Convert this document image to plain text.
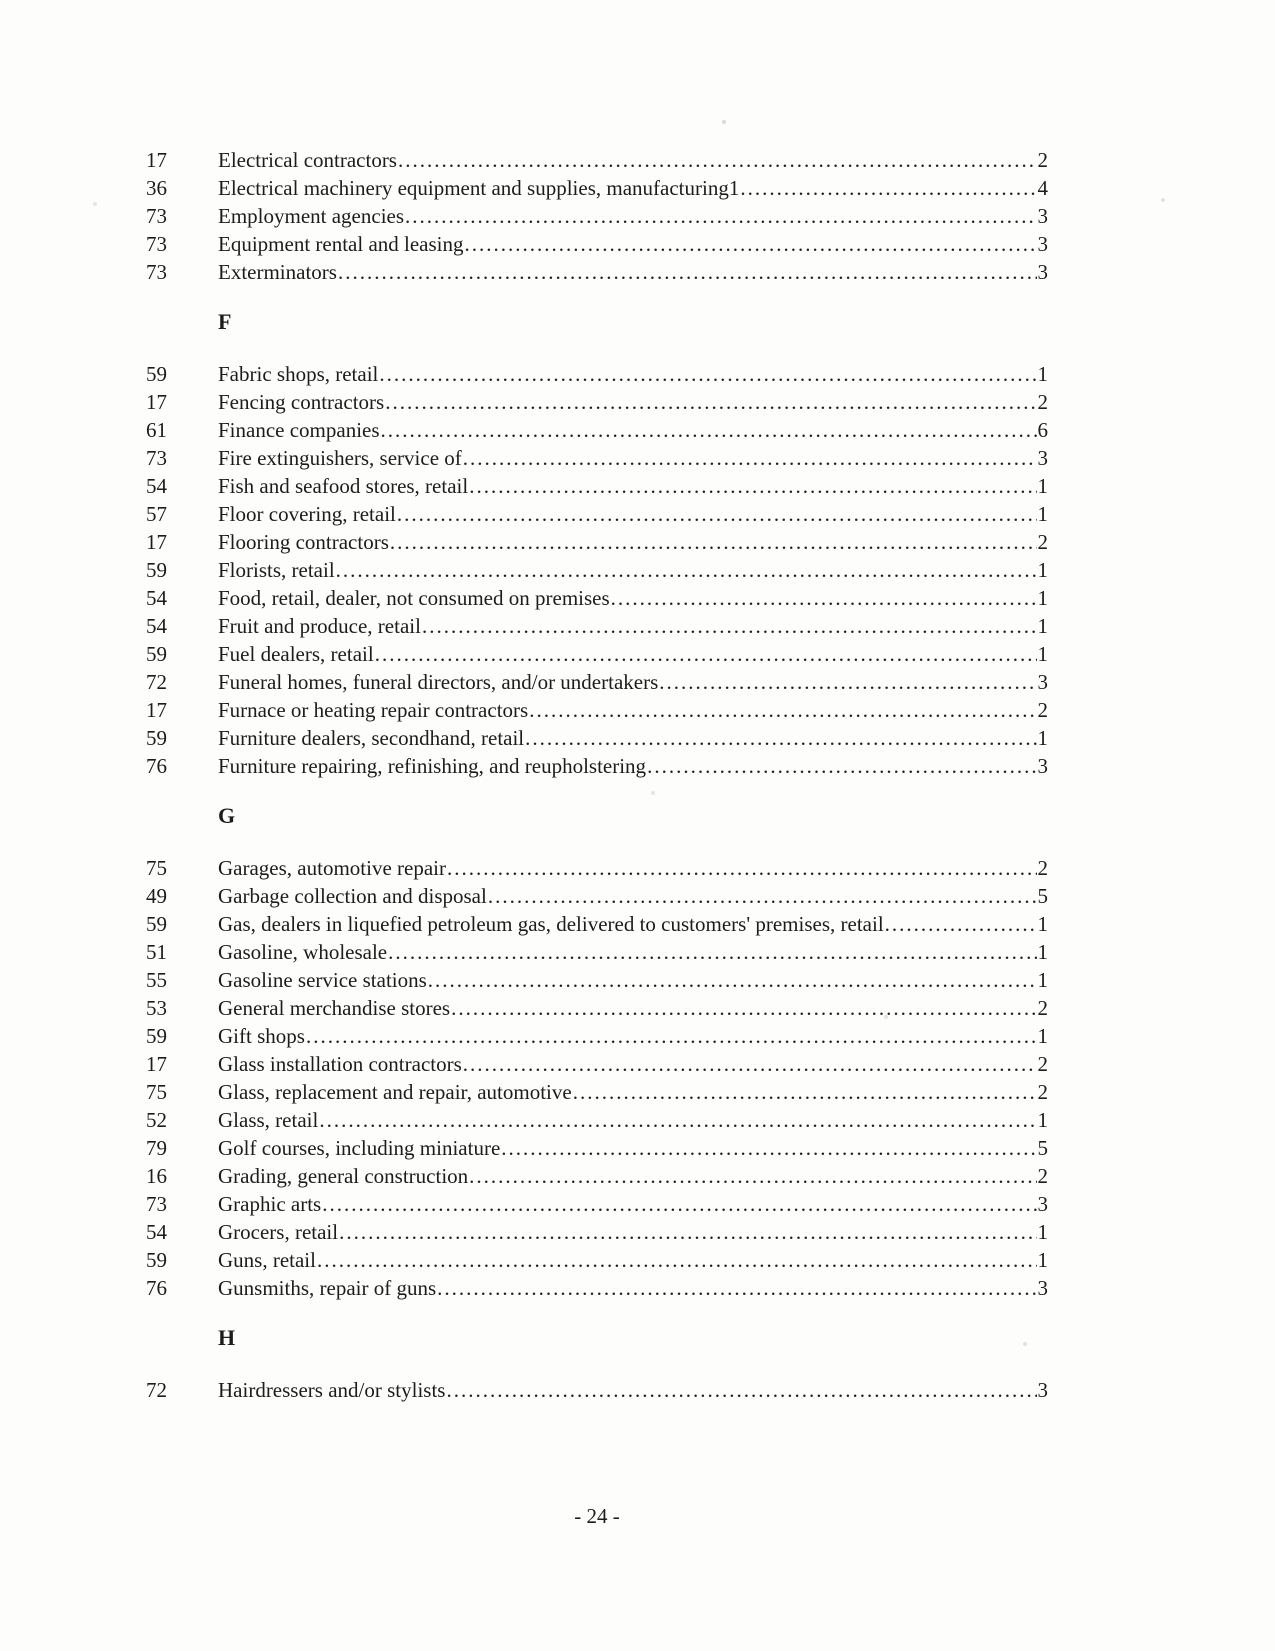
17	Electrical contractors .....	2
36	Electrical machinery equipment and supplies, manufacturing1 .....	4
73	Employment agencies .....	3
73	Equipment rental and leasing .....	3
73	Exterminators .....	3
F
59	Fabric shops, retail .....	1
17	Fencing contractors .....	2
61	Finance companies .....	6
73	Fire extinguishers, service of .....	3
54	Fish and seafood stores, retail .....	1
57	Floor covering, retail .....	1
17	Flooring contractors .....	2
59	Florists, retail .....	1
54	Food, retail, dealer, not consumed on premises .....	1
54	Fruit and produce, retail .....	1
59	Fuel dealers, retail .....	1
72	Funeral homes, funeral directors, and/or undertakers .....	3
17	Furnace or heating repair contractors .....	2
59	Furniture dealers, secondhand, retail .....	1
76	Furniture repairing, refinishing, and reupholstering .....	3
G
75	Garages, automotive repair .....	2
49	Garbage collection and disposal .....	5
59	Gas, dealers in liquefied petroleum gas, delivered to customers' premises, retail .....	1
51	Gasoline, wholesale .....	1
55	Gasoline service stations .....	1
53	General merchandise stores .....	2
59	Gift shops .....	1
17	Glass installation contractors .....	2
75	Glass, replacement and repair, automotive .....	2
52	Glass, retail .....	1
79	Golf courses, including miniature .....	5
16	Grading, general construction .....	2
73	Graphic arts .....	3
54	Grocers, retail .....	1
59	Guns, retail .....	1
76	Gunsmiths, repair of guns .....	3
H
72	Hairdressers and/or stylists .....	3
- 24 -
